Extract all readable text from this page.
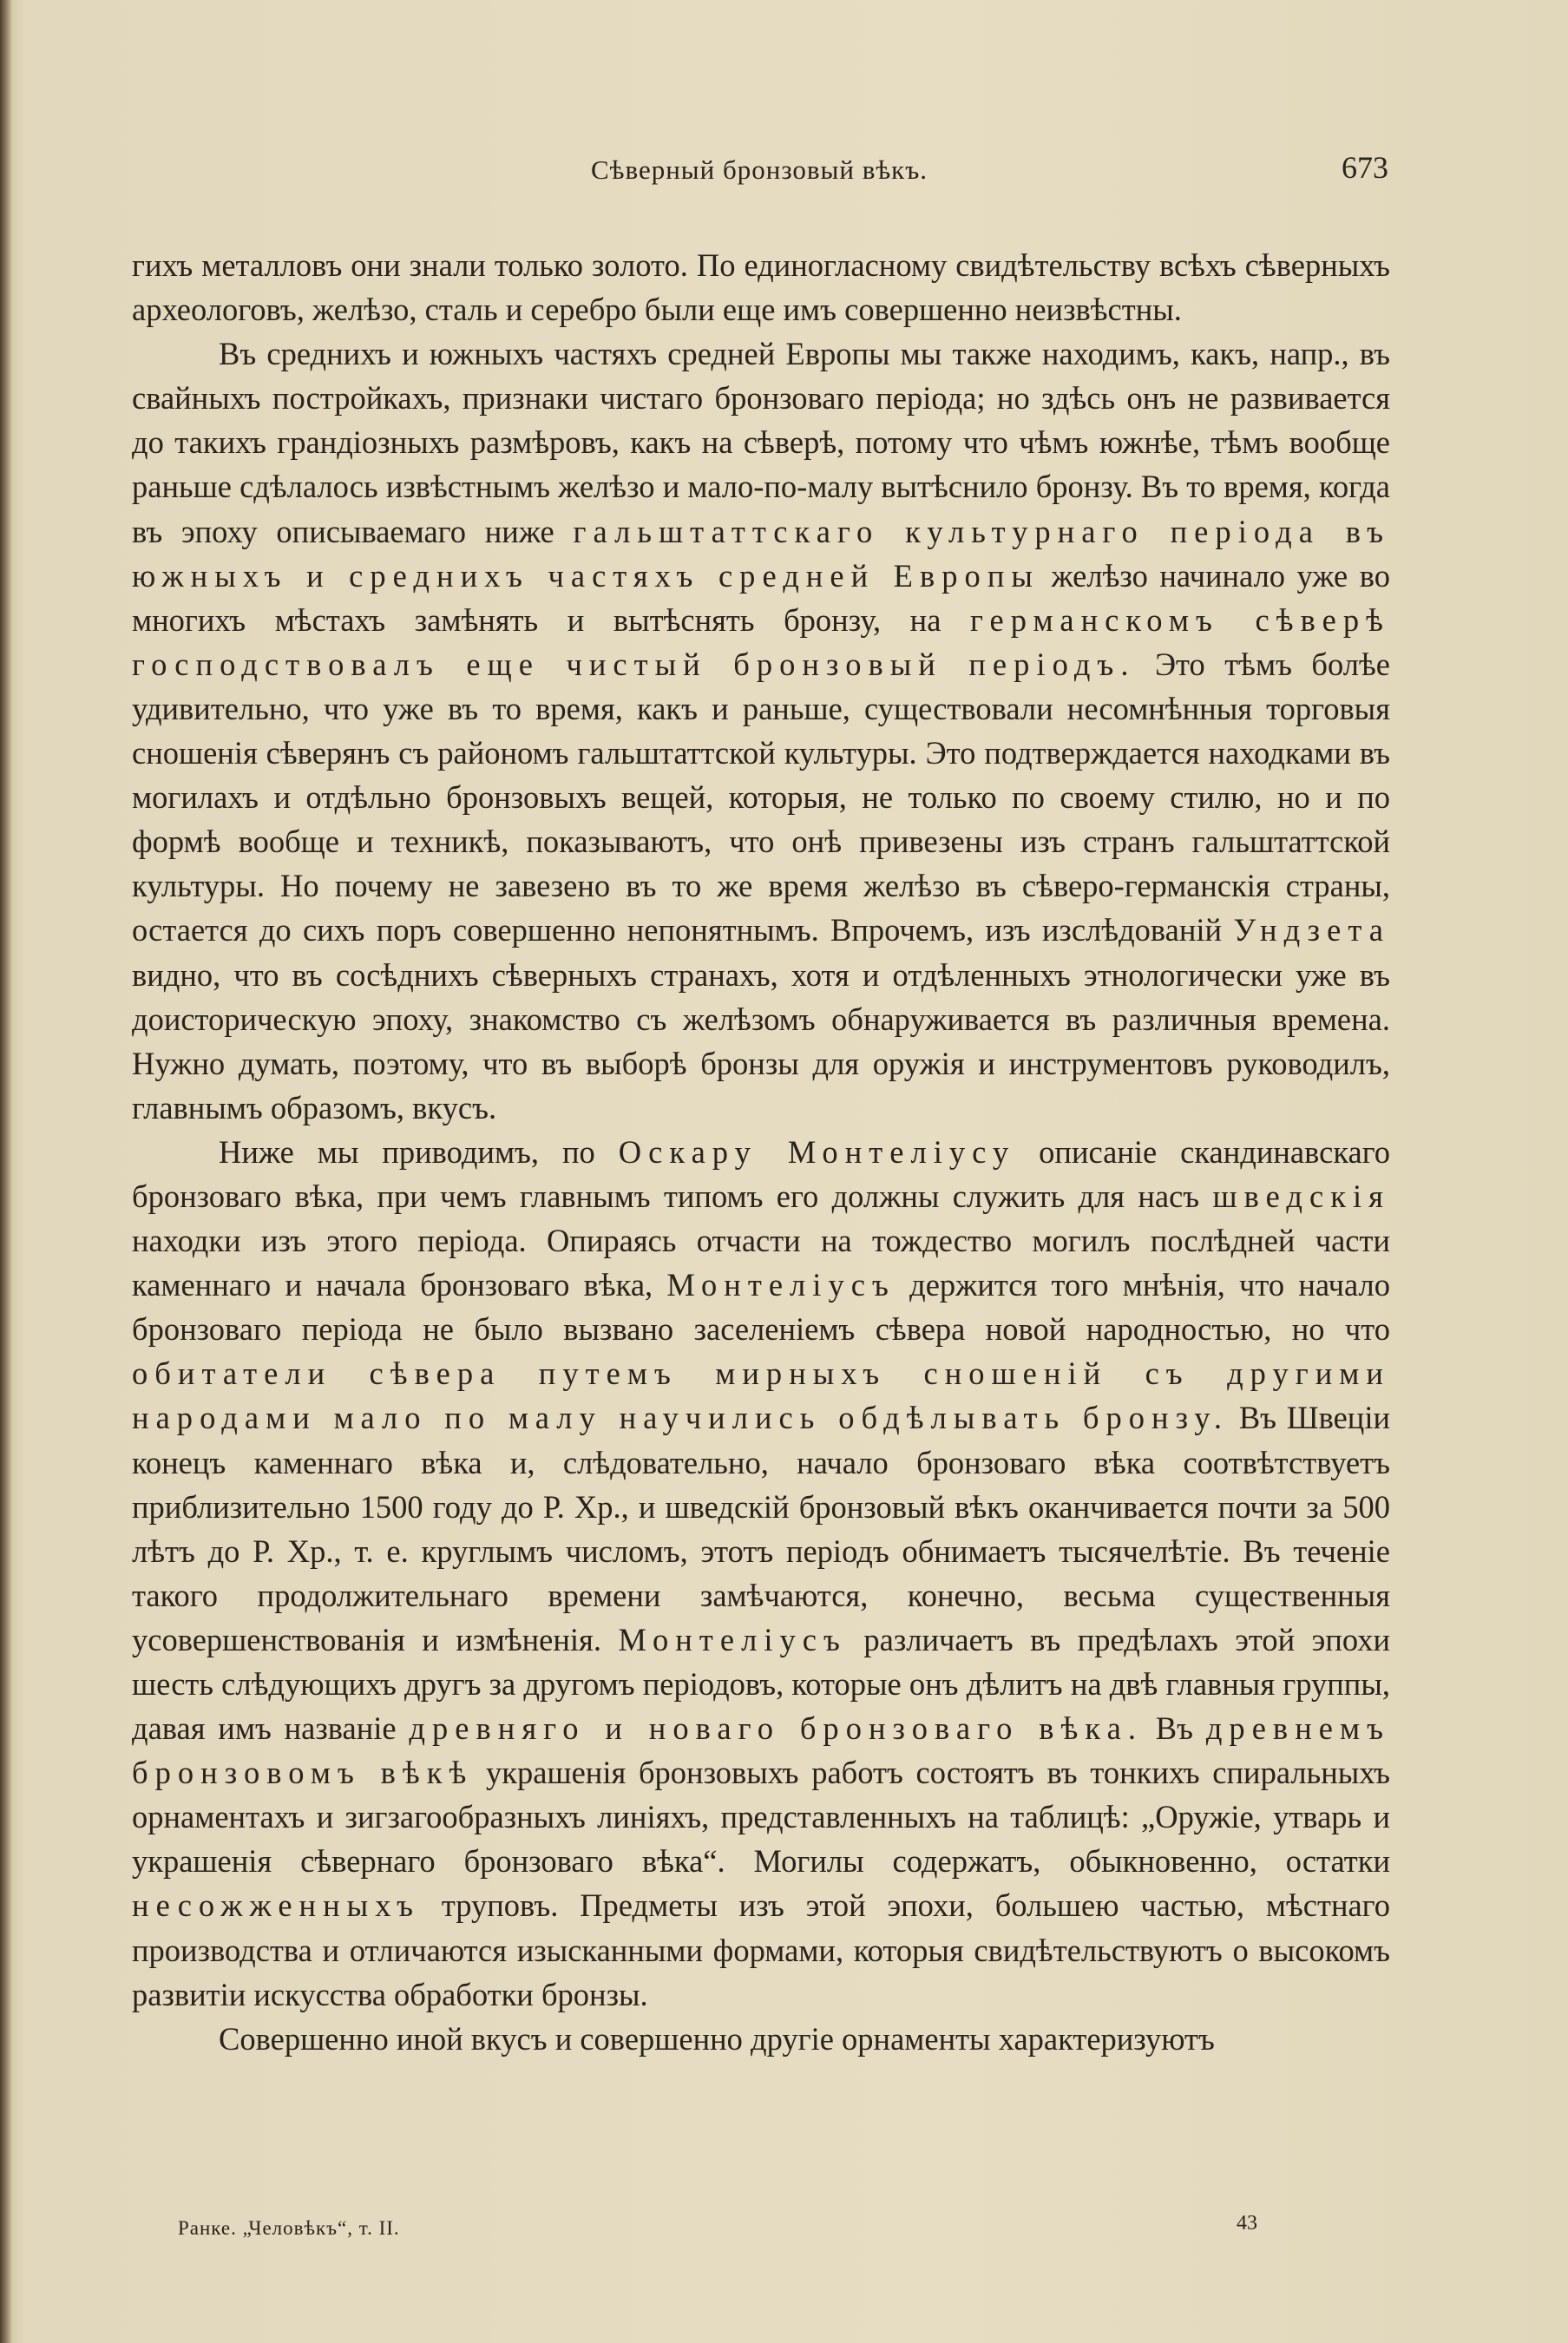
Сѣверный бронзовый вѣкъ.	673

гихъ металловъ они знали только золото. По единогласному свидѣтельству всѣхъ сѣверныхъ археологовъ, желѣзо, сталь и серебро были еще имъ совершенно неизвѣстны.

Въ среднихъ и южныхъ частяхъ средней Европы мы также находимъ, какъ, напр., въ свайныхъ постройкахъ, признаки чистаго бронзоваго періода; но здѣсь онъ не развивается до такихъ грандіозныхъ размѣровъ, какъ на сѣверѣ, потому что чѣмъ южнѣе, тѣмъ вообще раньше сдѣлалось извѣстнымъ желѣзо и мало-по-малу вытѣснило бронзу. Въ то время, когда въ эпоху описываемаго ниже гальштаттскаго культурнаго періода въ южныхъ и среднихъ частяхъ средней Европы желѣзо начинало уже во многихъ мѣстахъ замѣнять и вытѣснять бронзу, на германскомъ сѣверѣ господствовалъ еще чистый бронзовый періодъ. Это тѣмъ болѣе удивительно, что уже въ то время, какъ и раньше, существовали несомнѣнныя торговыя сношенія сѣверянъ съ райономъ гальштаттской культуры. Это подтверждается находками въ могилахъ и отдѣльно бронзовыхъ вещей, которыя, не только по своему стилю, но и по формѣ вообще и техникѣ, показываютъ, что онѣ привезены изъ странъ гальштаттской культуры. Но почему не завезено въ то же время желѣзо въ сѣверо-германскія страны, остается до сихъ поръ совершенно непонятнымъ. Впрочемъ, изъ изслѣдованій Ундзета видно, что въ сосѣднихъ сѣверныхъ странахъ, хотя и отдѣленныхъ этнологически уже въ доисторическую эпоху, знакомство съ желѣзомъ обнаруживается въ различныя времена. Нужно думать, поэтому, что въ выборѣ бронзы для оружія и инструментовъ руководилъ, главнымъ образомъ, вкусъ.

Ниже мы приводимъ, по Оскару Монтеліусу описаніе скандинавскаго бронзоваго вѣка, при чемъ главнымъ типомъ его должны служить для насъ шведскія находки изъ этого періода. Опираясь отчасти на тождество могилъ послѣдней части каменнаго и начала бронзоваго вѣка, Монтеліусъ держится того мнѣнія, что начало бронзоваго періода не было вызвано заселеніемъ сѣвера новой народностью, но что обитатели сѣвера путемъ мирныхъ сношеній съ другими народами мало по малу научились обдѣлывать бронзу. Въ Швеціи конецъ каменнаго вѣка и, слѣдовательно, начало бронзоваго вѣка соотвѣтствуетъ приблизительно 1500 году до Р. Хр., и шведскій бронзовый вѣкъ оканчивается почти за 500 лѣтъ до Р. Хр., т. е. круглымъ числомъ, этотъ періодъ обнимаетъ тысячелѣтіе. Въ теченіе такого продолжительнаго времени замѣчаются, конечно, весьма существенныя усовершенствованія и измѣненія. Монтеліусъ различаетъ въ предѣлахъ этой эпохи шесть слѣдующихъ другъ за другомъ періодовъ, которые онъ дѣлитъ на двѣ главныя группы, давая имъ названіе древняго и новаго бронзоваго вѣка. Въ древнемъ бронзовомъ вѣкѣ украшенія бронзовыхъ работъ состоятъ въ тонкихъ спиральныхъ орнаментахъ и зигзагообразныхъ линіяхъ, представленныхъ на таблицѣ: „Оружіе, утварь и украшенія сѣвернаго бронзоваго вѣка“. Могилы содержатъ, обыкновенно, остатки несожженныхъ труповъ. Предметы изъ этой эпохи, большею частью, мѣстнаго производства и отличаются изысканными формами, которыя свидѣтельствуютъ о высокомъ развитіи искусства обработки бронзы.

Совершенно иной вкусъ и совершенно другіе орнаменты характеризуютъ

Ранке. „Человѣкъ“, т. II.	43
